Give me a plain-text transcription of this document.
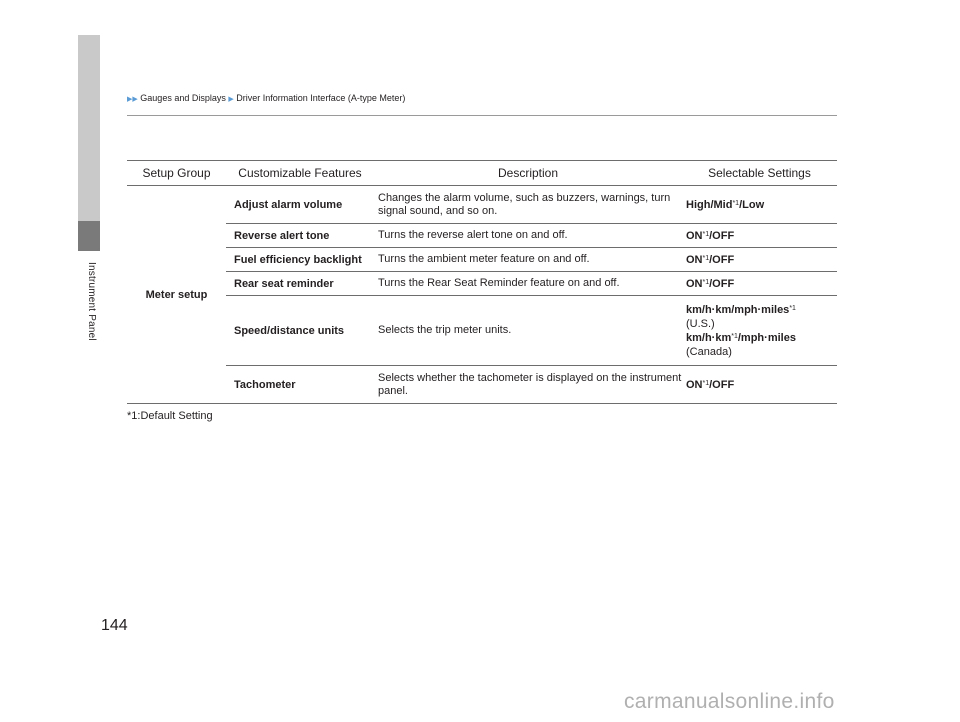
Instrument Panel
▶▶ Gauges and Displays ▶ Driver Information Interface (A-type Meter)
Setup Group	Customizable Features	Description	Selectable Settings
Meter setup	Adjust alarm volume	Changes the alarm volume, such as buzzers, warnings, turn signal sound, and so on.	High/Mid$^{*1}$/Low
	Reverse alert tone	Turns the reverse alert tone on and off.	ON$^{*1}$/OFF
	Fuel efficiency backlight	Turns the ambient meter feature on and off.	ON$^{*1}$/OFF
	Rear seat reminder	Turns the Rear Seat Reminder feature on and off.	ON$^{*1}$/OFF
	Speed/distance units	Selects the trip meter units.	km/h·km/mph·miles$^{*1}$
(U.S.)
$km/h\cdot km^{*1}/mph\cdot miles$
(Canada)

	Tachometer	Selects whether the tachometer is displayed on the instrument panel.	ON$^{*1}$/OFF
*1:Default Setting
144
carmanualsonline.info
